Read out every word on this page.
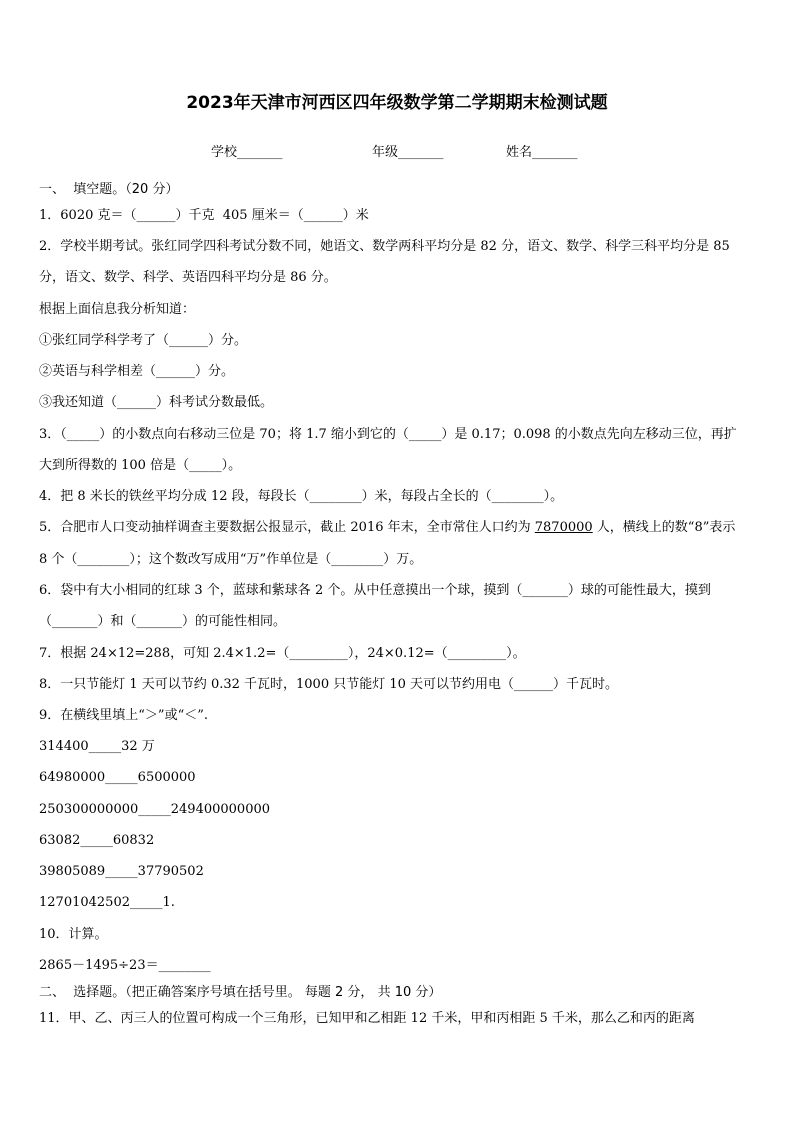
2023年天津市河西区四年级数学第二学期期末检测试题
学校_______	年级_______	姓名_______
一、  填空题。（20 分）
1．6020 克＝（______）千克  405 厘米＝（______）米
2．学校半期考试。张红同学四科考试分数不同，她语文、数学两科平均分是 82 分，语文、数学、科学三科平均分是 85
分，语文、数学、科学、英语四科平均分是 86 分。
根据上面信息我分析知道：
①张红同学科学考了（______）分。
②英语与科学相差（______）分。
③我还知道（______）科考试分数最低。
3．（_____）的小数点向右移动三位是 70；将 1.7 缩小到它的（_____）是 0.17；0.098 的小数点先向左移动三位，再扩
大到所得数的 100 倍是（_____）。
4．把 8 米长的铁丝平均分成 12 段，每段长（________）米，每段占全长的（________）。
5．合肥市人口变动抽样调查主要数据公报显示，截止 2016 年末，全市常住人口约为 7870000 人，横线上的数“8”表示
8 个（________）；这个数改写成用“万”作单位是（________）万。
6．袋中有大小相同的红球 3 个，蓝球和紫球各 2 个。从中任意摸出一个球，摸到（_______）球的可能性最大，摸到
（_______）和（_______）的可能性相同。
7．根据 24×12=288，可知 2.4×1.2=（_________），24×0.12=（_________）。
8．一只节能灯 1 天可以节约 0.32 千瓦时，1000 只节能灯 10 天可以节约用电（______）千瓦时。
9．在横线里填上“＞”或“＜”.
314400_____32 万
64980000_____6500000
250300000000_____249400000000
63082_____60832
39805089_____37790502
12701042502_____1.
10．计算。
2865－1495÷23＝________
二、  选择题。（把正确答案序号填在括号里。 每题 2 分， 共 10 分）
11．甲、乙、丙三人的位置可构成一个三角形，已知甲和乙相距 12 千米，甲和丙相距 5 千米，那么乙和丙的距离
